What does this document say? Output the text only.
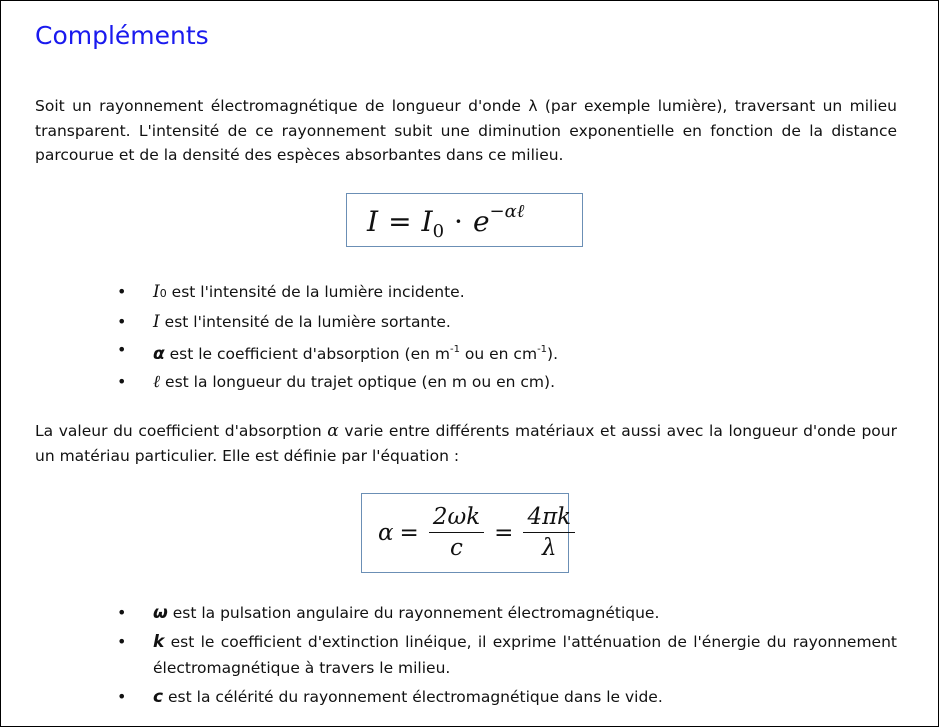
Compléments

Soit un rayonnement électromagnétique de longueur d'onde λ (par exemple lumière), traversant un milieu transparent. L'intensité de ce rayonnement subit une diminution exponentielle en fonction de la distance parcourue et de la densité des espèces absorbantes dans ce milieu.

$I = I_0 \cdot e^{-\alpha\ell}$
• I0 est l'intensité de la lumière incidente.
• I est l'intensité de la lumière sortante.
• α est le coefficient d'absorption (en $m^{-1}$ ou en $cm^{-1}$).
• ℓ est la longueur du trajet optique (en m ou en cm).

La valeur du coefficient d'absorption α varie entre différents matériaux et aussi avec la longueur d'onde pour un matériau particulier. Elle est définie par l'équation :

$\alpha = \frac{2\omega k}{c} = \frac{4\pi k}{\lambda}$
• ω est la pulsation angulaire du rayonnement électromagnétique.
• k est le coefficient d'extinction linéique, il exprime l'atténuation de l'énergie du rayonnement électromagnétique à travers le milieu.
• c est la célérité du rayonnement électromagnétique dans le vide.
